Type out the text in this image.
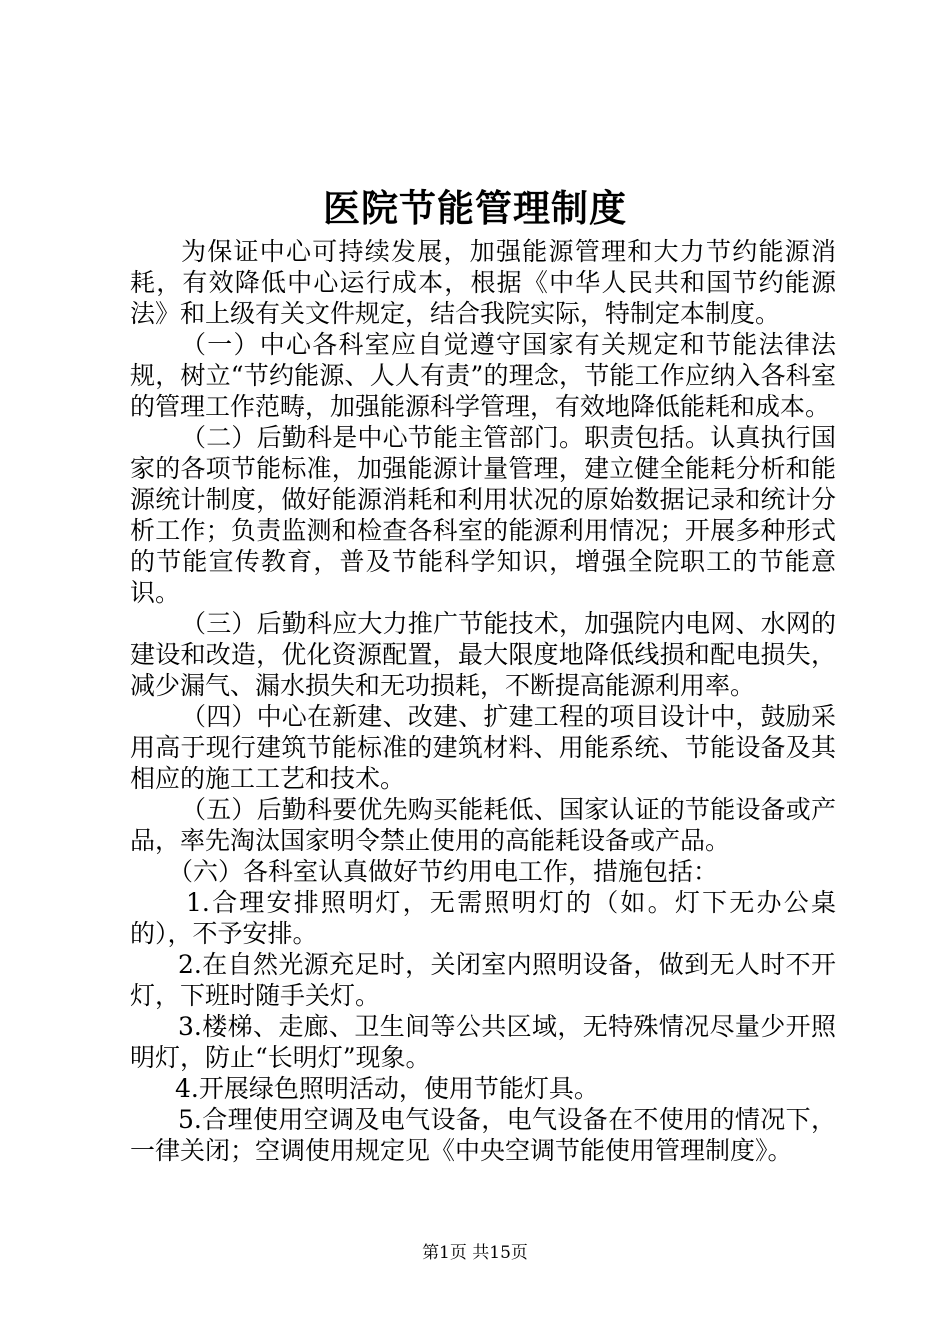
医院节能管理制度

为保证中心可持续发展，加强能源管理和大力节约能源消耗，有效降低中心运行成本，根据《中华人民共和国节约能源法》和上级有关文件规定，结合我院实际，特制定本制度。

（一）中心各科室应自觉遵守国家有关规定和节能法律法规，树立“节约能源、人人有责”的理念，节能工作应纳入各科室的管理工作范畴，加强能源科学管理，有效地降低能耗和成本。

（二）后勤科是中心节能主管部门。职责包括。认真执行国家的各项节能标准，加强能源计量管理，建立健全能耗分析和能源统计制度，做好能源消耗和利用状况的原始数据记录和统计分析工作；负责监测和检查各科室的能源利用情况；开展多种形式的节能宣传教育，普及节能科学知识，增强全院职工的节能意识。

（三）后勤科应大力推广节能技术，加强院内电网、水网的建设和改造，优化资源配置，最大限度地降低线损和配电损失，减少漏气、漏水损失和无功损耗，不断提高能源利用率。

（四）中心在新建、改建、扩建工程的项目设计中，鼓励采用高于现行建筑节能标准的建筑材料、用能系统、节能设备及其相应的施工工艺和技术。

（五）后勤科要优先购买能耗低、国家认证的节能设备或产品，率先淘汰国家明令禁止使用的高能耗设备或产品。

（六）各科室认真做好节约用电工作，措施包括：

1.合理安排照明灯，无需照明灯的（如。灯下无办公桌的），不予安排。

2.在自然光源充足时，关闭室内照明设备，做到无人时不开灯，下班时随手关灯。

3.楼梯、走廊、卫生间等公共区域，无特殊情况尽量少开照明灯，防止“长明灯”现象。

4.开展绿色照明活动，使用节能灯具。

5.合理使用空调及电气设备，电气设备在不使用的情况下，一律关闭；空调使用规定见《中央空调节能使用管理制度》。

第1页 共15页
